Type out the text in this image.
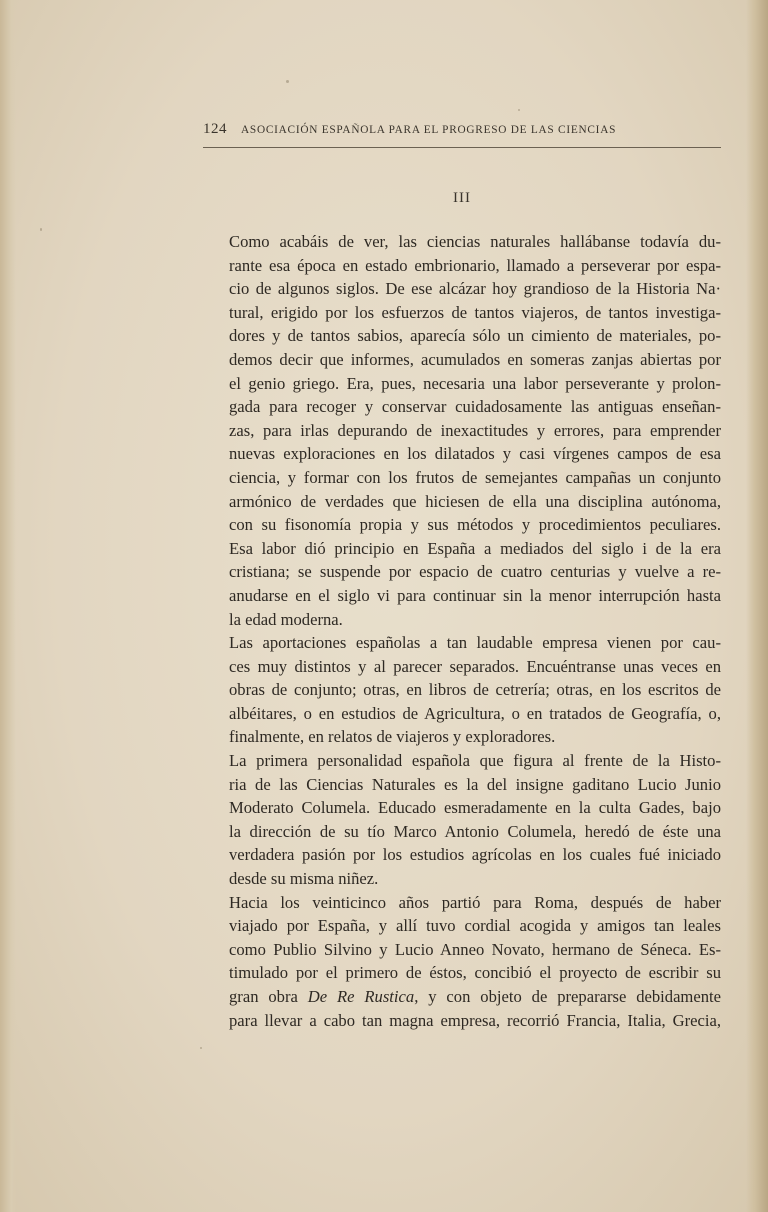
124 ASOCIACIÓN ESPAÑOLA PARA EL PROGRESO DE LAS CIENCIAS
III

Como acabáis de ver, las ciencias naturales hallábanse todavía du-
rante esa época en estado embrionario, llamado a perseverar por espa-
cio de algunos siglos. De ese alcázar hoy grandioso de la Historia Na·
tural, erigido por los esfuerzos de tantos viajeros, de tantos investiga-
dores y de tantos sabios, aparecía sólo un cimiento de materiales, po-
demos decir que informes, acumulados en someras zanjas abiertas por
el genio griego. Era, pues, necesaria una labor perseverante y prolon-
gada para recoger y conservar cuidadosamente las antiguas enseñan-
zas, para irlas depurando de inexactitudes y errores, para emprender
nuevas exploraciones en los dilatados y casi vírgenes campos de esa
ciencia, y formar con los frutos de semejantes campañas un conjunto
armónico de verdades que hiciesen de ella una disciplina autónoma,
con su fisonomía propia y sus métodos y procedimientos peculiares.
Esa labor dió principio en España a mediados del siglo i de la era
cristiana; se suspende por espacio de cuatro centurias y vuelve a re-
anudarse en el siglo vi para continuar sin la menor interrupción hasta
la edad moderna.

Las aportaciones españolas a tan laudable empresa vienen por cau-
ces muy distintos y al parecer separados. Encuéntranse unas veces en
obras de conjunto; otras, en libros de cetrería; otras, en los escritos de
albéitares, o en estudios de Agricultura, o en tratados de Geografía, o,
finalmente, en relatos de viajeros y exploradores.

La primera personalidad española que figura al frente de la Histo-
ria de las Ciencias Naturales es la del insigne gaditano Lucio Junio
Moderato Columela. Educado esmeradamente en la culta Gades, bajo
la dirección de su tío Marco Antonio Columela, heredó de éste una
verdadera pasión por los estudios agrícolas en los cuales fué iniciado
desde su misma niñez.

Hacia los veinticinco años partió para Roma, después de haber
viajado por España, y allí tuvo cordial acogida y amigos tan leales
como Publio Silvino y Lucio Anneo Novato, hermano de Séneca. Es-
timulado por el primero de éstos, concibió el proyecto de escribir su
gran obra De Re Rustica, y con objeto de prepararse debidamente
para llevar a cabo tan magna empresa, recorrió Francia, Italia, Grecia,
